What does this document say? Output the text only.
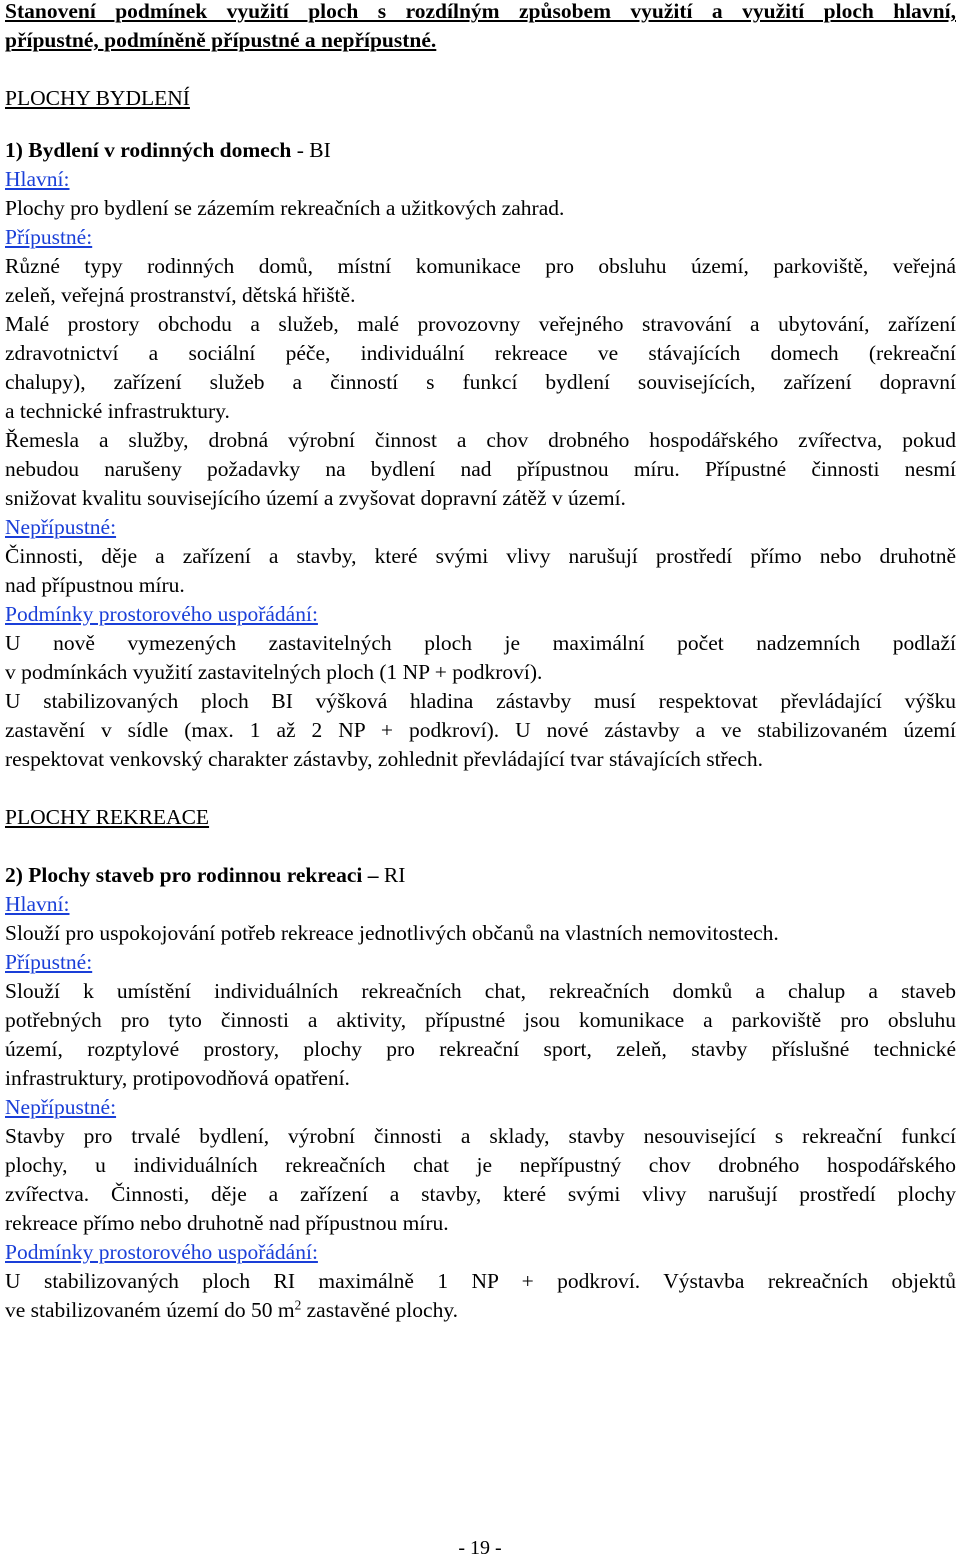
Stanovení podmínek využití ploch s rozdílným způsobem využití a využití ploch hlavní,
přípustné, podmíněně přípustné a nepřípustné.
PLOCHY BYDLENÍ
1) Bydlení v rodinných domech - BI
Hlavní:
Plochy pro bydlení se zázemím rekreačních a užitkových zahrad.
Přípustné:
Různé typy rodinných domů, místní komunikace pro obsluhu území, parkoviště, veřejná
zeleň, veřejná prostranství, dětská hřiště.
Malé prostory obchodu a služeb, malé provozovny veřejného stravování a ubytování, zařízení
zdravotnictví a sociální péče, individuální rekreace ve stávajících domech (rekreační
chalupy), zařízení služeb a činností s funkcí bydlení souvisejících, zařízení dopravní
a technické infrastruktury.
Řemesla a služby, drobná výrobní činnost a chov drobného hospodářského zvířectva, pokud
nebudou narušeny požadavky na bydlení nad přípustnou míru. Přípustné činnosti nesmí
snižovat kvalitu souvisejícího území a zvyšovat dopravní zátěž v území.
Nepřípustné:
Činnosti, děje a zařízení a stavby, které svými vlivy narušují prostředí přímo nebo druhotně
nad přípustnou míru.
Podmínky prostorového uspořádání:
U nově vymezených zastavitelných ploch je maximální počet nadzemních podlaží
v podmínkách využití zastavitelných ploch (1 NP + podkroví).
U stabilizovaných ploch BI výšková hladina zástavby musí respektovat převládající výšku
zastavění v sídle (max. 1 až 2 NP + podkroví). U nové zástavby a ve stabilizovaném území
respektovat venkovský charakter zástavby, zohlednit převládající tvar stávajících střech.
PLOCHY REKREACE
2) Plochy staveb pro rodinnou rekreaci – RI
Hlavní:
Slouží pro uspokojování potřeb rekreace jednotlivých občanů na vlastních nemovitostech.
Přípustné:
Slouží k umístění individuálních rekreačních chat, rekreačních domků a chalup a staveb
potřebných pro tyto činnosti a aktivity, přípustné jsou komunikace a parkoviště pro obsluhu
území, rozptylové prostory, plochy pro rekreační sport, zeleň, stavby příslušné technické
infrastruktury, protipovodňová opatření.
Nepřípustné:
Stavby pro trvalé bydlení, výrobní činnosti a sklady, stavby nesouvisející s rekreační funkcí
plochy, u individuálních rekreačních chat je nepřípustný chov drobného hospodářského
zvířectva. Činnosti, děje a zařízení a stavby, které svými vlivy narušují prostředí plochy
rekreace přímo nebo druhotně nad přípustnou míru.
Podmínky prostorového uspořádání:
U stabilizovaných ploch RI maximálně 1 NP + podkroví. Výstavba rekreačních objektů
ve stabilizovaném území do 50 $m^2$ zastavěné plochy.
- 19 -
